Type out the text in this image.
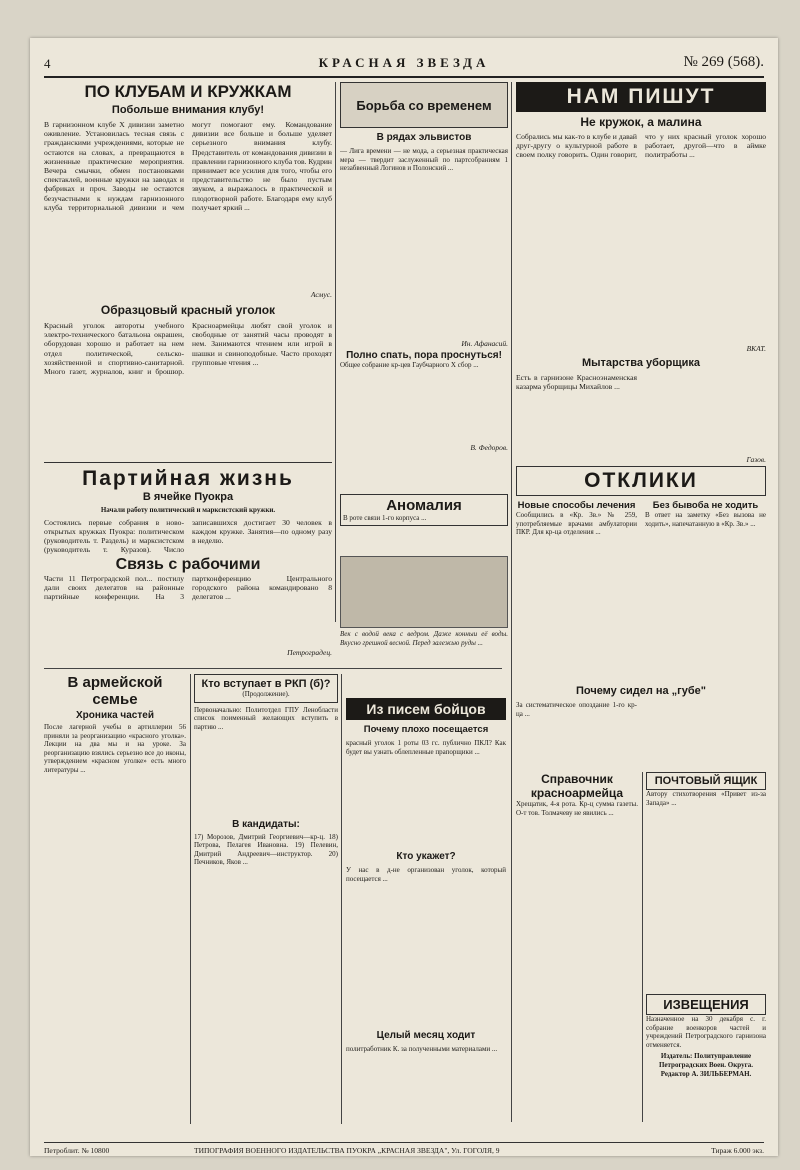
4	КРАСНАЯ ЗВЕЗДА	№ 269 (568).

ПО КЛУБАМ И КРУЖКАМ

Побольше внимания клубу!

В гарнизонном клубе X дивизии заметно оживление. Установилась тесная связь с гражданскими учреждениями, которые не остаются на словах, а превращаются в жизненные практические мероприятия. Вечера смычки, обмен постановками спектаклей, военные кружки на заводах и фабриках и проч. Заводы не остаются безучастными к нуждам гарнизонного клуба территориальной дивизии и чем могут помогают ему. Командование дивизии все больше и больше уделяет серьезного внимания клубу. Представитель от командования дивизии в правлении гарнизонного клуба тов. Кудрин принимает все усилия для того, чтобы его представительство не было пустым звуком, а выражалось в практической и плодотворной работе. Благодаря ему клуб получает яркий ...

Асмус.

Образцовый красный уголок

Красный уголок автороты учебного электро-технического батальона окрашен, оборудован хорошо и работает на нем отдел политической, сельско-хозяйственной и спортивно-санитарной. Много газет, журналов, книг и брошюр. Красноармейцы любят свой уголок и свободные от занятий часы проводят в нем. Занимаются чтением или игрой в шашки и свиноподобные. Часто проходят групповые чтения ...

Партийная жизнь

В ячейке Пуокра

Начали работу политический и марксистский кружки.

Состоялись первые собрания в ново-открытых кружках Пуокра: политическом (руководитель т. Раздель) и марксистском (руководитель т. Куразов). Число записавшихся достигает 30 человек в каждом кружке. Занятия—по одному разу в неделю.

Связь с рабочими

Части 11 Петроградской пол... постилу дали своих делегатов на районные партийные конференции. На 3 партконференцию Центрального городского района командировано 8 делегатов ...

Петроградец.

В армейской семье

Хроника частей

После лагерной учебы в артиллерии 56 приняли за реорганизацию «красного уголка». Лекции на два мы и на уроке. За реорганизацию взялись серьезно все до иконы, утверждением «красном уголке» есть много литературы ...

Кто вступает в РКП (б)?

(Продолжение).

Первоначально: Политотдел ГПУ Ленобласти список поименный желающих вступить в партию ...

В кандидаты:

17) Морозов, Дмитрий Георгиевич—кр-ц. 18) Петрова, Пелагея Ивановна. 19) Пелевин, Дмитрий Андреевич—инструктор. 20) Печников, Яков ...

Борьба со временем

В рядах эльвистов

— Лига времени — не мода, а серьезная практическая мера — твердит заслуженный по партсобраниям 1 незабвенный Логинов и Полонский ...

Ин. Афанасий.

Полно спать, пора проснуться!

Общее собрание кр-цев Гаубчарного X сбор ...

В. Федоров.

Аномалия

В роте связи 1-го корпуса ...

Век с водой века с ведром. Даже конныи её воды. Вкусно грешной весной. Перед залежью руды ...

Из писем бойцов

Почему плохо посещается

красный уголок 1 роты 03 гс. публично ПКЛ? Как будет вы узнать облепленные прапорщики ...

Кто укажет?

У нас в д-не организован уголок, который посещается ...

Целый месяц ходит

политработник К. за полученными материалами ...

НАМ ПИШУТ

Не кружок, а малина

Собрались мы как-то в клубе и давай друг-другу о культурной работе в своем полку говорить. Один говорит, что у них красный уголок хорошо работает, другой—что в аймке политработы ...

ВКАТ.

Мытарства уборщика

Есть в гарнизоне Красноэнаменская казарма уборщицы Михайлов ...

Газов.

ОТКЛИКИ

Новые способы лечения

Сообщились в «Кр. Зв.» № 259, употребляемые врачами амбулатории ПКР. Для кр-ца отделения ...

Без бывоба не ходить

В ответ на заметку «Без вызова не ходить», напечатанную в «Кр. Зв.» ...

Почему сидел на „губе"

За систематическое опоздание 1-го кр-ца ...

Справочник красноармейца

Хрещатик, 4-я рота. Кр-ц сумма газеты. О-т тов. Толмачеву не явились ...

ПОЧТОВЫЙ ЯЩИК

Автору стихотворения «Привет из-за Запада» ...

ИЗВЕЩЕНИЯ

Назначенное на 30 декабря с. г. собрание военкоров частей и учреждений Петроградского гарнизона отменяется.

Издатель: Политуправление Петроградских Воен. Округа. Редактор А. ЗИЛЬБЕРМАН.

Петроблит. № 10800	ТИПОГРАФИЯ ВОЕННОГО ИЗДАТЕЛЬСТВА ПУОКРА „КРАСНАЯ ЗВЕЗДА", Ул. ГОГОЛЯ, 9	Тираж 6.000 экз.
